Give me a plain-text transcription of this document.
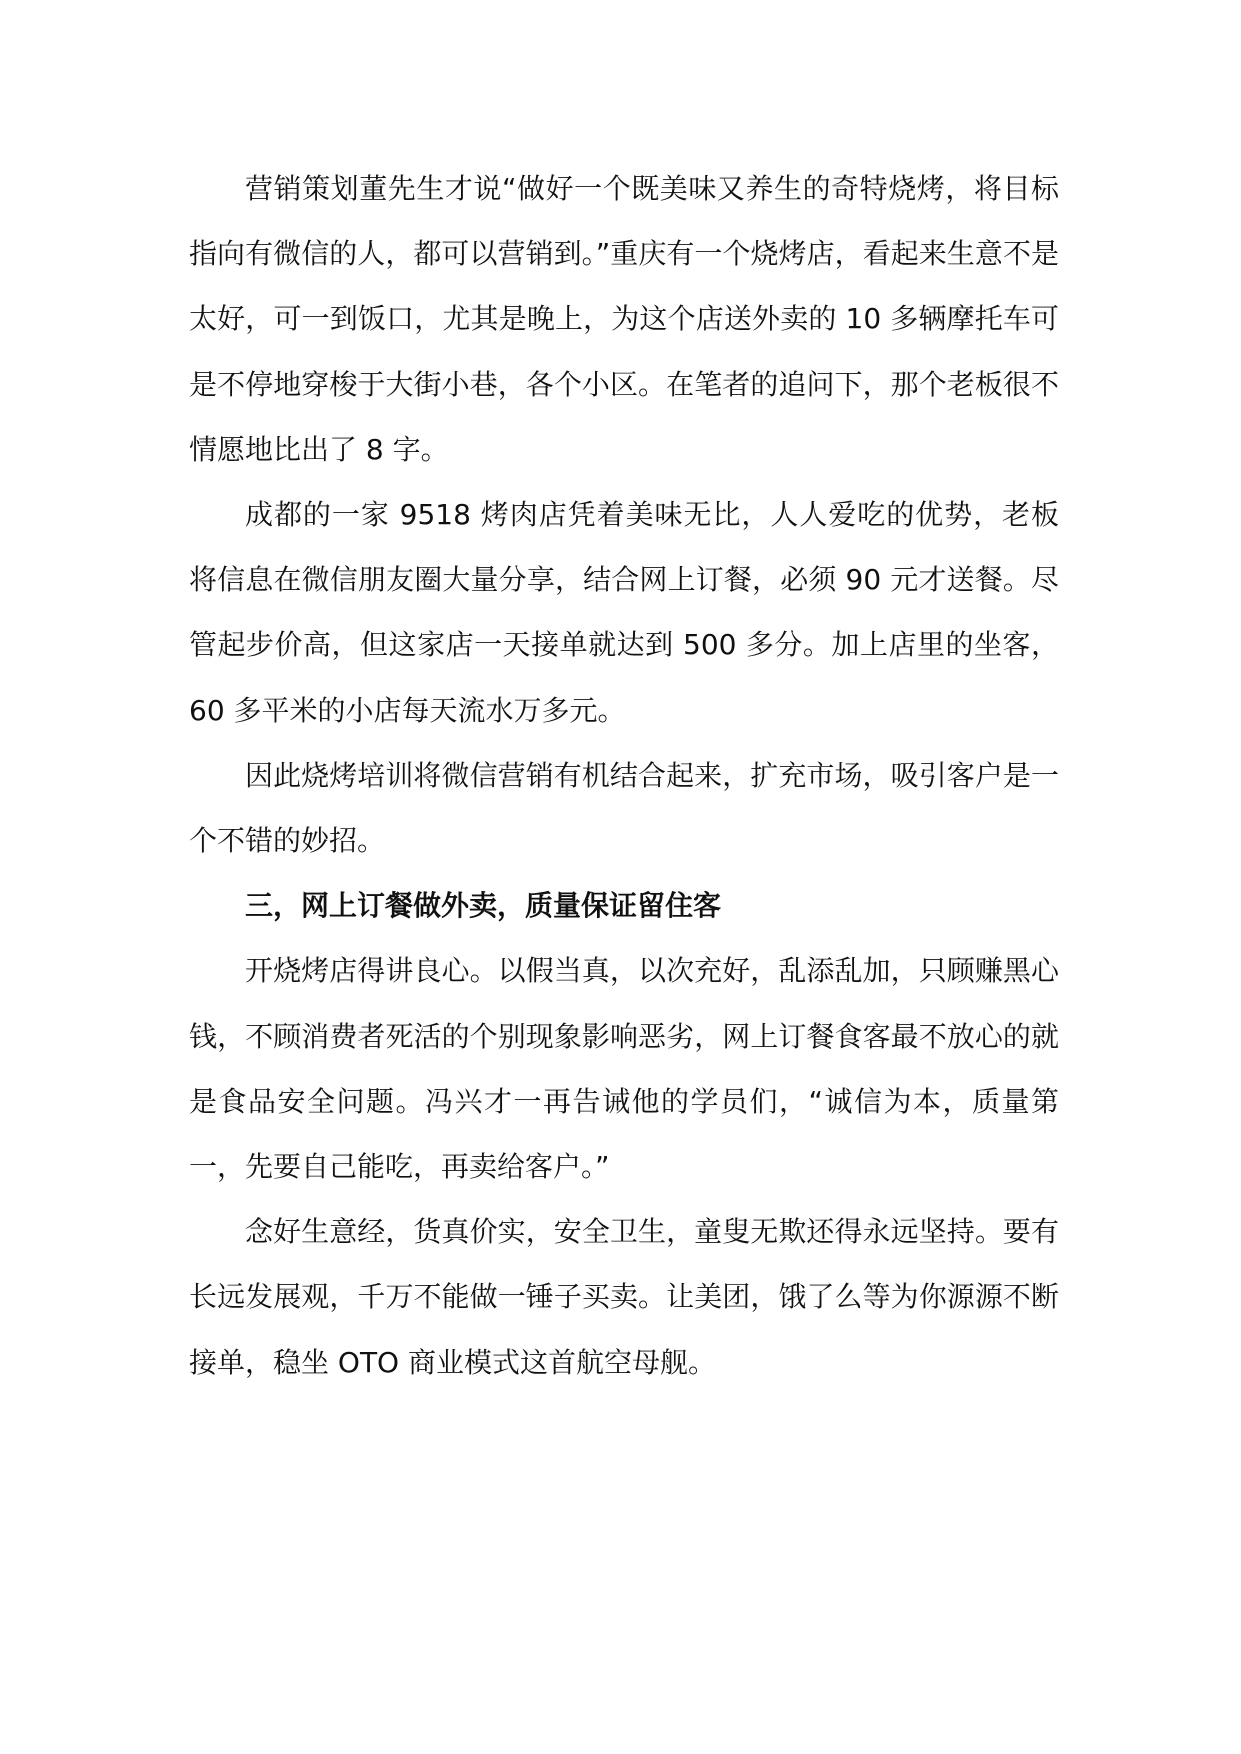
营销策划董先生才说“做好一个既美味又养生的奇特烧烤，将目标指向有微信的人，都可以营销到。”重庆有一个烧烤店，看起来生意不是太好，可一到饭口，尤其是晚上，为这个店送外卖的 10 多辆摩托车可是不停地穿梭于大街小巷，各个小区。在笔者的追问下，那个老板很不情愿地比出了 8 字。

成都的一家 9518 烤肉店凭着美味无比，人人爱吃的优势，老板将信息在微信朋友圈大量分享，结合网上订餐，必须 90 元才送餐。尽管起步价高，但这家店一天接单就达到 500 多分。加上店里的坐客，60 多平米的小店每天流水万多元。

因此烧烤培训将微信营销有机结合起来，扩充市场，吸引客户是一个不错的妙招。

三，网上订餐做外卖，质量保证留住客

开烧烤店得讲良心。以假当真，以次充好，乱添乱加，只顾赚黑心钱，不顾消费者死活的个别现象影响恶劣，网上订餐食客最不放心的就是食品安全问题。冯兴才一再告诫他的学员们，“诚信为本，质量第一，先要自己能吃，再卖给客户。”

念好生意经，货真价实，安全卫生，童叟无欺还得永远坚持。要有长远发展观，千万不能做一锤子买卖。让美团，饿了么等为你源源不断接单，稳坐 OTO 商业模式这首航空母舰。
